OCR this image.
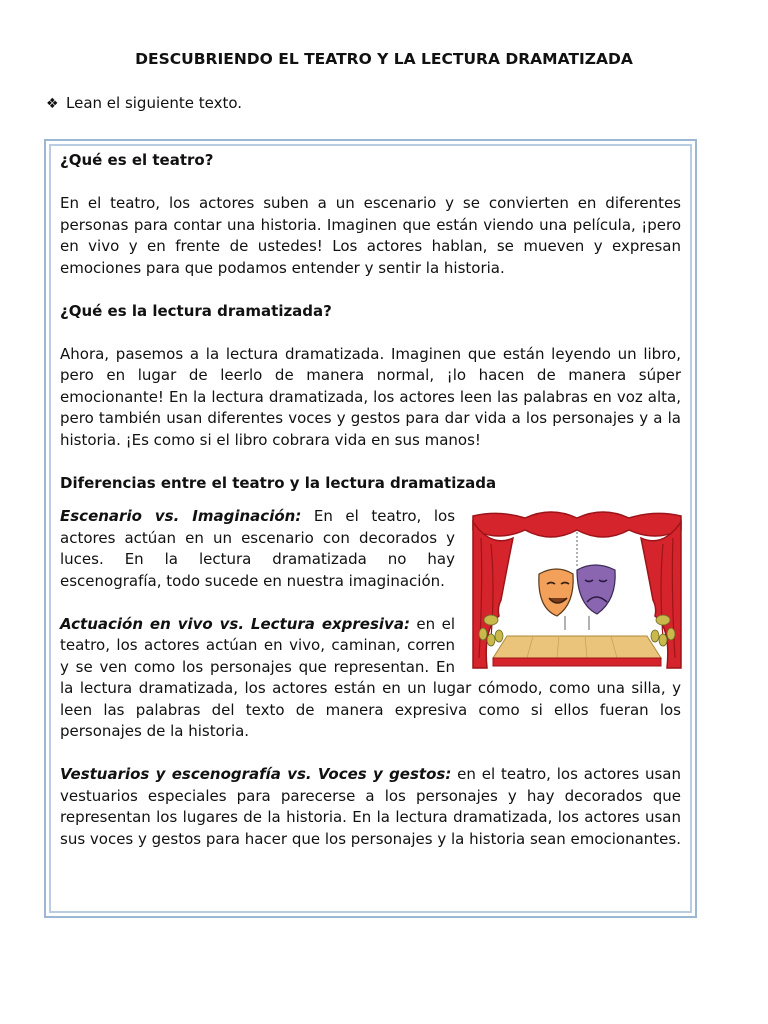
DESCUBRIENDO EL TEATRO Y LA LECTURA DRAMATIZADA
❖ Lean el siguiente texto.
¿Qué es el teatro?

En el teatro, los actores suben a un escenario y se convierten en diferentes personas para contar una historia. Imaginen que están viendo una película, ¡pero en vivo y en frente de ustedes! Los actores hablan, se mueven y expresan emociones para que podamos entender y sentir la historia.

¿Qué es la lectura dramatizada?

Ahora, pasemos a la lectura dramatizada. Imaginen que están leyendo un libro, pero en lugar de leerlo de manera normal, ¡lo hacen de manera súper emocionante! En la lectura dramatizada, los actores leen las palabras en voz alta, pero también usan diferentes voces y gestos para dar vida a los personajes y a la historia. ¡Es como si el libro cobrara vida en sus manos!

Diferencias entre el teatro y la lectura dramatizada

Escenario vs. Imaginación: En el teatro, los actores actúan en un escenario con decorados y luces. En la lectura dramatizada no hay escenografía, todo sucede en nuestra imaginación.

Actuación en vivo vs. Lectura expresiva: en el teatro, los actores actúan en vivo, caminan, corren y se ven como los personajes que representan. En la lectura dramatizada, los actores están en un lugar cómodo, como una silla, y leen las palabras del texto de manera expresiva como si ellos fueran los personajes de la historia.

Vestuarios y escenografía vs. Voces y gestos: en el teatro, los actores usan vestuarios especiales para parecerse a los personajes y hay decorados que representan los lugares de la historia. En la lectura dramatizada, los actores usan sus voces y gestos para hacer que los personajes y la historia sean emocionantes.
